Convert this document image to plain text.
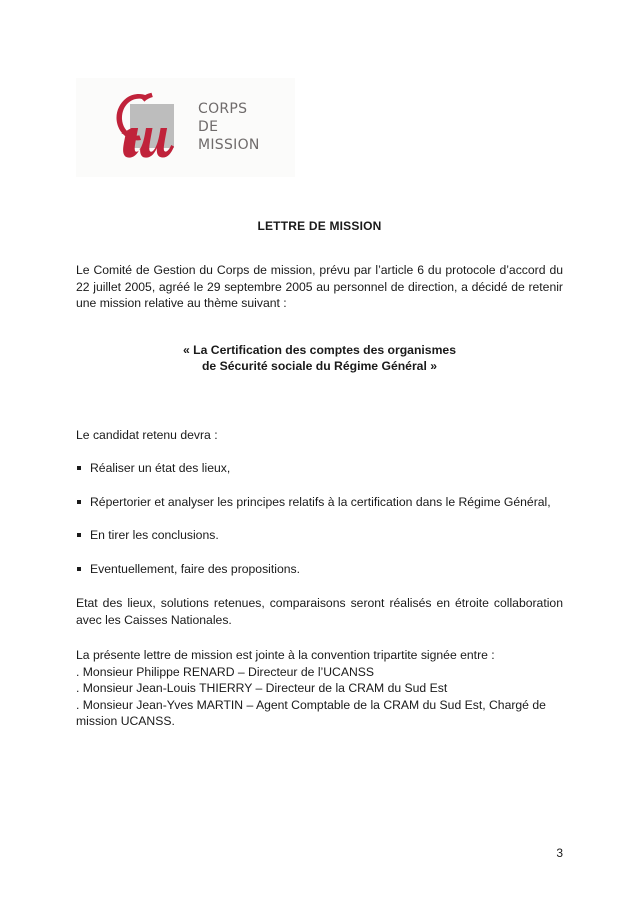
CORPS
DE
MISSION
LETTRE DE MISSION

Le Comité de Gestion du Corps de mission, prévu par l’article 6 du protocole d’accord du 22 juillet 2005, agréé le 29 septembre 2005 au personnel de direction, a décidé de retenir une mission relative au thème suivant :

« La Certification des comptes des organismes
de Sécurité sociale du Régime Général »

Le candidat retenu devra :

Réaliser un état des lieux,

Répertorier et analyser les principes relatifs à la certification dans le Régime Général,

En tirer les conclusions.

Eventuellement, faire des propositions.

Etat des lieux, solutions retenues, comparaisons seront réalisés en étroite collaboration avec les Caisses Nationales.

La présente lettre de mission est jointe à la convention tripartite signée entre :
. Monsieur Philippe RENARD – Directeur de l’UCANSS
. Monsieur Jean-Louis THIERRY – Directeur de la CRAM du Sud Est
. Monsieur Jean-Yves MARTIN – Agent Comptable de la CRAM du Sud Est, Chargé de mission UCANSS.

3
